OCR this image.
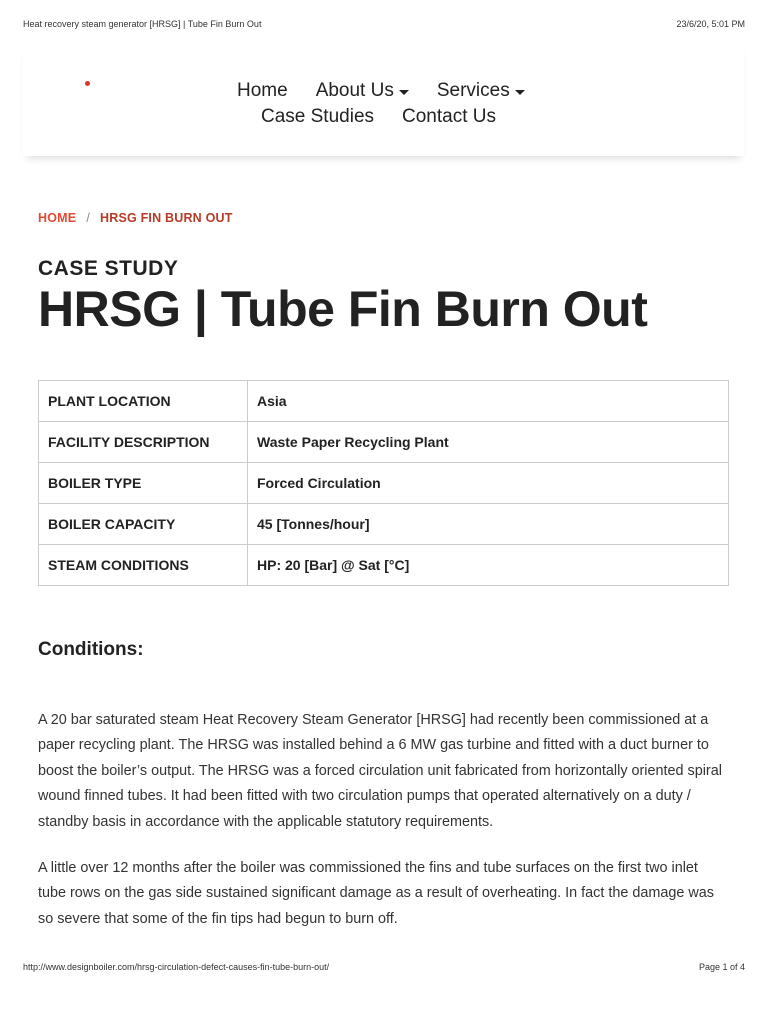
Heat recovery steam generator [HRSG] | Tube Fin Burn Out	23/6/20, 5:01 PM
Home About Us Services
Case Studies Contact Us
HOME / HRSG FIN BURN OUT
CASE STUDY
HRSG | Tube Fin Burn Out
PLANT LOCATION	Asia
FACILITY DESCRIPTION	Waste Paper Recycling Plant
BOILER TYPE	Forced Circulation
BOILER CAPACITY	45 [Tonnes/hour]
STEAM CONDITIONS	HP: 20 [Bar] @ Sat [°C]
Conditions:

A 20 bar saturated steam Heat Recovery Steam Generator [HRSG] had recently been commissioned at a paper recycling plant. The HRSG was installed behind a 6 MW gas turbine and fitted with a duct burner to boost the boiler’s output. The HRSG was a forced circulation unit fabricated from horizontally oriented spiral wound finned tubes. It had been fitted with two circulation pumps that operated alternatively on a duty / standby basis in accordance with the applicable statutory requirements.

A little over 12 months after the boiler was commissioned the fins and tube surfaces on the first two inlet tube rows on the gas side sustained significant damage as a result of overheating. In fact the damage was so severe that some of the fin tips had begun to burn off.

http://www.designboiler.com/hrsg-circulation-defect-causes-fin-tube-burn-out/	Page 1 of 4
